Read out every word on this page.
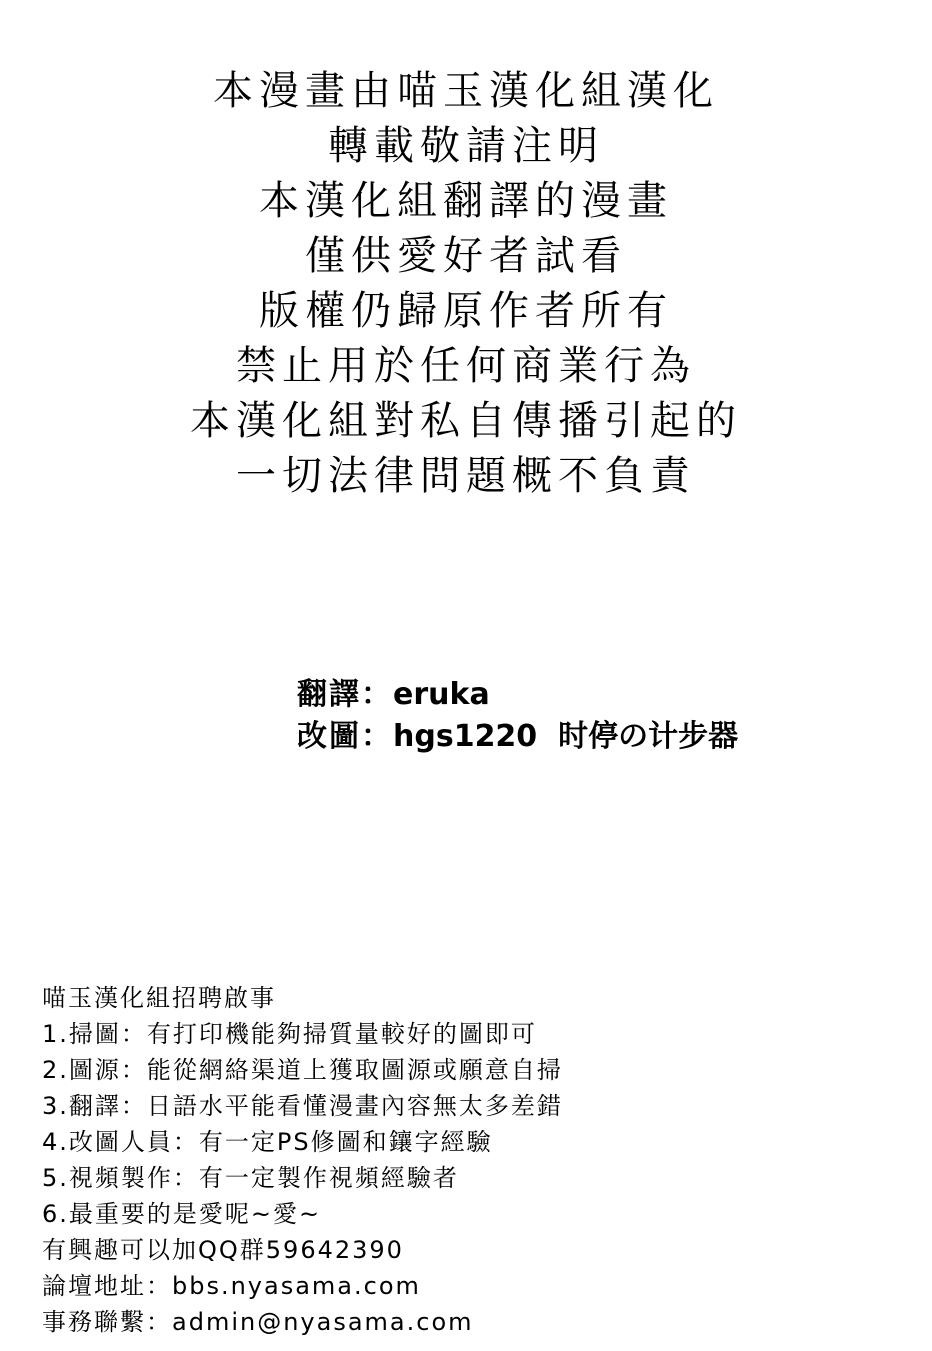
本漫畫由喵玉漢化組漢化
轉載敬請注明
本漢化組翻譯的漫畫
僅供愛好者試看
版權仍歸原作者所有
禁止用於任何商業行為
本漢化組對私自傳播引起的
一切法律問題概不負責
翻譯：eruka
改圖：hgs1220  时停の计步器
喵玉漢化組招聘啟事
1.掃圖：有打印機能夠掃質量較好的圖即可
2.圖源：能從網絡渠道上獲取圖源或願意自掃
3.翻譯：日語水平能看懂漫畫內容無太多差錯
4.改圖人員：有一定PS修圖和鑲字經驗
5.視頻製作：有一定製作視頻經驗者
6.最重要的是愛呢~愛~
有興趣可以加QQ群59642390
論壇地址：bbs.nyasama.com
事務聯繫：admin@nyasama.com
